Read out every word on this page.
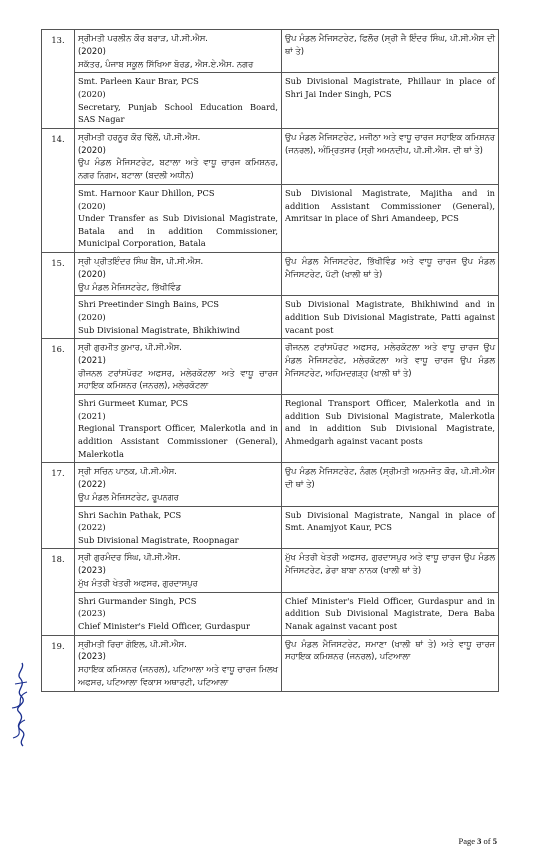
13.	ਸ੍ਰੀਮਤੀ ਪਰਲੀਨ ਕੌਰ ਬਰਾੜ, ਪੀ.ਸੀ.ਐਸ.
(2020)
ਸਕੱਤਰ, ਪੰਜਾਬ ਸਕੂਲ ਸਿੱਖਿਆ ਬੋਰਡ, ਐਸ.ਏ.ਐਸ. ਨਗਰ	ਉਪ ਮੰਡਲ ਮੈਜਿਸਟਰੇਟ, ਫਿਲੌਰ (ਸ੍ਰੀ ਜੈ ਇੰਦਰ ਸਿੰਘ, ਪੀ.ਸੀ.ਐਸ ਦੀ ਥਾਂ ਤੇ)

	Smt. Parleen Kaur Brar, PCS
(2020)
Secretary, Punjab School Education Board, SAS Nagar	Sub Divisional Magistrate, Phillaur in place of Shri Jai Inder Singh, PCS

14.	ਸ੍ਰੀਮਤੀ ਹਰਨੂਰ ਕੌਰ ਢਿੱਲੋਂ, ਪੀ.ਸੀ.ਐਸ.
(2020)
ਉਪ ਮੰਡਲ ਮੈਜਿਸਟਰੇਟ, ਬਟਾਲਾ ਅਤੇ ਵਾਧੂ ਚਾਰਜ ਕਮਿਸ਼ਨਰ, ਨਗਰ ਨਿਗਮ, ਬਟਾਲਾ (ਬਦਲੀ ਅਧੀਨ)	ਉਪ ਮੰਡਲ ਮੈਜਿਸਟਰੇਟ, ਮਜੀਠਾ ਅਤੇ ਵਾਧੂ ਚਾਰਜ ਸਹਾਇਕ ਕਮਿਸ਼ਨਰ (ਜਨਰਲ), ਅੰਮ੍ਰਿਤਸਰ (ਸ੍ਰੀ ਅਮਨਦੀਪ, ਪੀ.ਸੀ.ਐਸ. ਦੀ ਥਾਂ ਤੇ)

	Smt. Harnoor Kaur Dhillon, PCS
(2020)
Under Transfer as Sub Divisional Magistrate, Batala and in addition Commissioner, Municipal Corporation, Batala	Sub Divisional Magistrate, Majitha and in addition Assistant Commissioner (General), Amritsar in place of Shri Amandeep, PCS

15.	ਸ੍ਰੀ ਪ੍ਰੀਤਇੰਦਰ ਸਿੰਘ ਬੈਂਸ, ਪੀ.ਸੀ.ਐਸ.
(2020)
ਉਪ ਮੰਡਲ ਮੈਜਿਸਟਰੇਟ, ਭਿੱਖੀਵਿੰਡ	ਉਪ ਮੰਡਲ ਮੈਜਿਸਟਰੇਟ, ਭਿੱਖੀਵਿੰਡ ਅਤੇ ਵਾਧੂ ਚਾਰਜ ਉਪ ਮੰਡਲ ਮੈਜਿਸਟਰੇਟ, ਪੱਟੀ (ਖਾਲੀ ਥਾਂ ਤੇ)

	Shri Preetinder Singh Bains, PCS
(2020)
Sub Divisional Magistrate, Bhikhiwind	Sub Divisional Magistrate, Bhikhiwind and in addition Sub Divisional Magistrate, Patti against vacant post

16.	ਸ੍ਰੀ ਗੁਰਮੀਤ ਕੁਮਾਰ, ਪੀ.ਸੀ.ਐਸ.
(2021)
ਰੀਜਨਲ ਟਰਾਂਸਪੋਰਟ ਅਫਸਰ, ਮਲੇਰਕੋਟਲਾ ਅਤੇ ਵਾਧੂ ਚਾਰਜ ਸਹਾਇਕ ਕਮਿਸ਼ਨਰ (ਜਨਰਲ), ਮਲੇਰਕੋਟਲਾ	ਰੀਜਨਲ ਟਰਾਂਸਪੋਰਟ ਅਫਸਰ, ਮਲੇਰਕੋਟਲਾ ਅਤੇ ਵਾਧੂ ਚਾਰਜ ਉਪ ਮੰਡਲ ਮੈਜਿਸਟਰੇਟ, ਮਲੇਰਕੋਟਲਾ ਅਤੇ ਵਾਧੂ ਚਾਰਜ ਉਪ ਮੰਡਲ ਮੈਜਿਸਟਰੇਟ, ਅਹਿਮਦਗੜ੍ਹ (ਖਾਲੀ ਥਾਂ ਤੇ)

	Shri Gurmeet Kumar, PCS
(2021)
Regional Transport Officer, Malerkotla and in addition Assistant Commissioner (General), Malerkotla	Regional Transport Officer, Malerkotla and in addition Sub Divisional Magistrate, Malerkotla and in addition Sub Divisional Magistrate, Ahmedgarh against vacant posts

17.	ਸ੍ਰੀ ਸਚਿਨ ਪਾਠਕ, ਪੀ.ਸੀ.ਐਸ.
(2022)
ਉਪ ਮੰਡਲ ਮੈਜਿਸਟਰੇਟ, ਰੂਪਨਗਰ	ਉਪ ਮੰਡਲ ਮੈਜਿਸਟਰੇਟ, ਨੰਗਲ (ਸ੍ਰੀਮਤੀ ਅਨਮਜੋਤ ਕੌਰ, ਪੀ.ਸੀ.ਐਸ ਦੀ ਥਾਂ ਤੇ)

	Shri Sachin Pathak, PCS
(2022)
Sub Divisional Magistrate, Roopnagar	Sub Divisional Magistrate, Nangal in place of Smt. Anamjyot Kaur, PCS

18.	ਸ੍ਰੀ ਗੁਰਮੰਦਰ ਸਿੰਘ, ਪੀ.ਸੀ.ਐਸ.
(2023)
ਮੁੱਖ ਮੰਤਰੀ ਖੇਤਰੀ ਅਫਸਰ, ਗੁਰਦਾਸਪੁਰ	ਮੁੱਖ ਮੰਤਰੀ ਖੇਤਰੀ ਅਫਸਰ, ਗੁਰਦਾਸਪੁਰ ਅਤੇ ਵਾਧੂ ਚਾਰਜ ਉਪ ਮੰਡਲ ਮੈਜਿਸਟਰੇਟ, ਡੇਰਾ ਬਾਬਾ ਨਾਨਕ (ਖਾਲੀ ਥਾਂ ਤੇ)

	Shri Gurmander Singh, PCS
(2023)
Chief Minister's Field Officer, Gurdaspur	Chief Minister's Field Officer, Gurdaspur and in addition Sub Divisional Magistrate, Dera Baba Nanak against vacant post

19.	ਸ੍ਰੀਮਤੀ ਰਿਚਾ ਗੋਇਲ, ਪੀ.ਸੀ.ਐਸ.
(2023)
ਸਹਾਇਕ ਕਮਿਸ਼ਨਰ (ਜਨਰਲ), ਪਟਿਆਲਾ ਅਤੇ ਵਾਧੂ ਚਾਰਜ ਮਿਲਖ ਅਫਸਰ, ਪਟਿਆਲਾ ਵਿਕਾਸ ਅਥਾਰਟੀ, ਪਟਿਆਲਾ	ਉਪ ਮੰਡਲ ਮੈਜਿਸਟਰੇਟ, ਸਮਾਣਾ (ਖਾਲੀ ਥਾਂ ਤੇ) ਅਤੇ ਵਾਧੂ ਚਾਰਜ ਸਹਾਇਕ ਕਮਿਸ਼ਨਰ (ਜਨਰਲ), ਪਟਿਆਲਾ
Page 3 of 5
